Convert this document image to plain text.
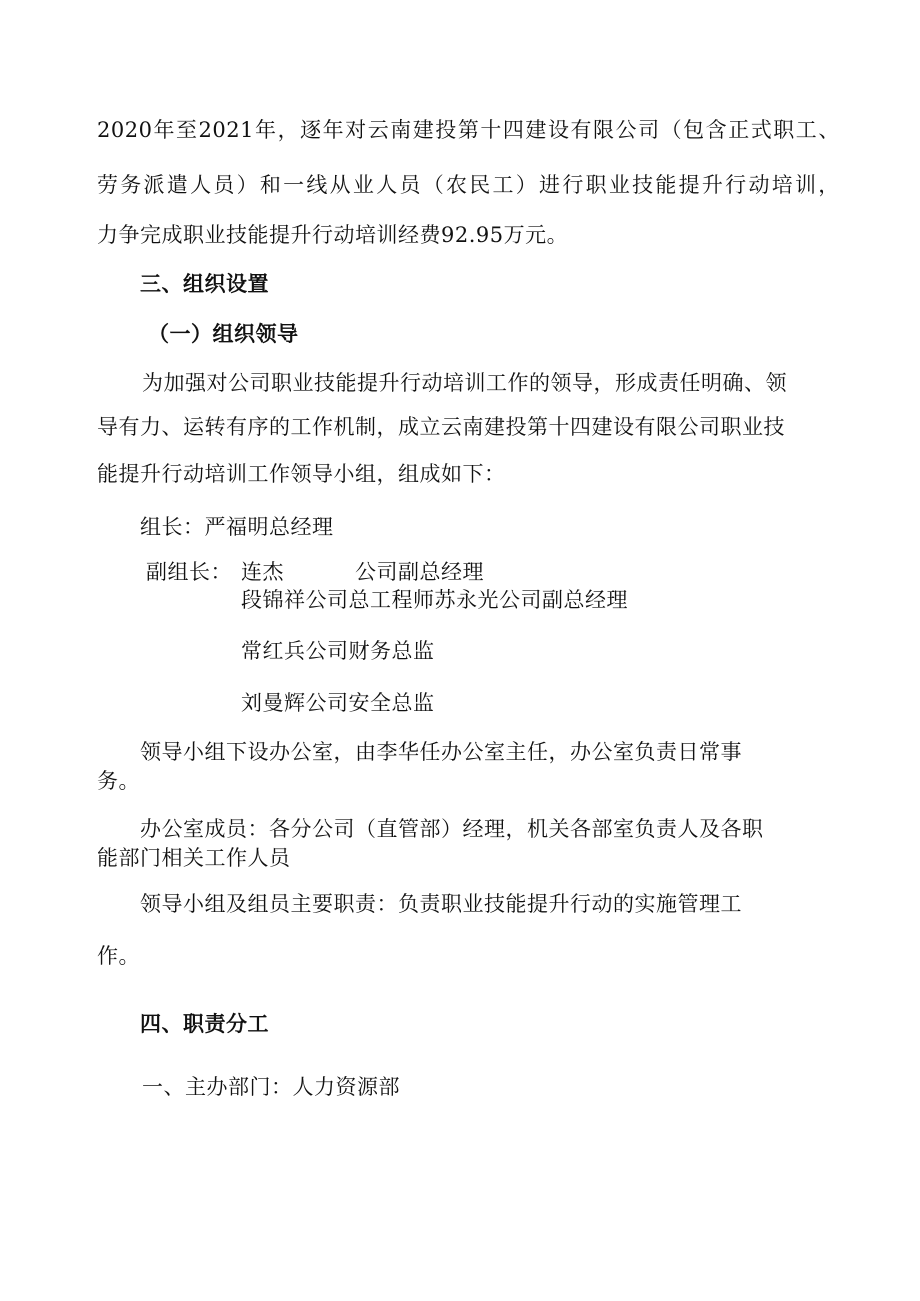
2020 年 至 2021 年 ， 逐 年 对 云 南 建 投 第 十 四 建 设 有 限 公 司 （ 包 含 正 式 职 工 、
劳 务 派 遣 人 员 ） 和 一 线 从 业 人 员 （ 农 民 工 ） 进 行 职 业 技 能 提 升 行 动 培 训 ，
力争完成职业技能提升行动培训经费92.95万元。
三、组织设置
（一）组织领导
为加强对公司职业技能提升行动培训工作的领导，形成责任明确、领
导有力、运转有序的工作机制，成立云南建投第十四建设有限公司职业技
能提升行动培训工作领导小组，组成如下：
组长：严福明总经理
副组长： 连杰	公司副总经理
段锦祥公司总工程师苏永光公司副总经理
常红兵公司财务总监
刘曼辉公司安全总监
领导小组下设办公室，由李华任办公室主任，办公室负责日常事
务。
办公室成员：各分公司（直管部）经理，机关各部室负责人及各职
能部门相关工作人员
领导小组及组员主要职责：负责职业技能提升行动的实施管理工
作。
四、职责分工
一、主办部门：人力资源部
